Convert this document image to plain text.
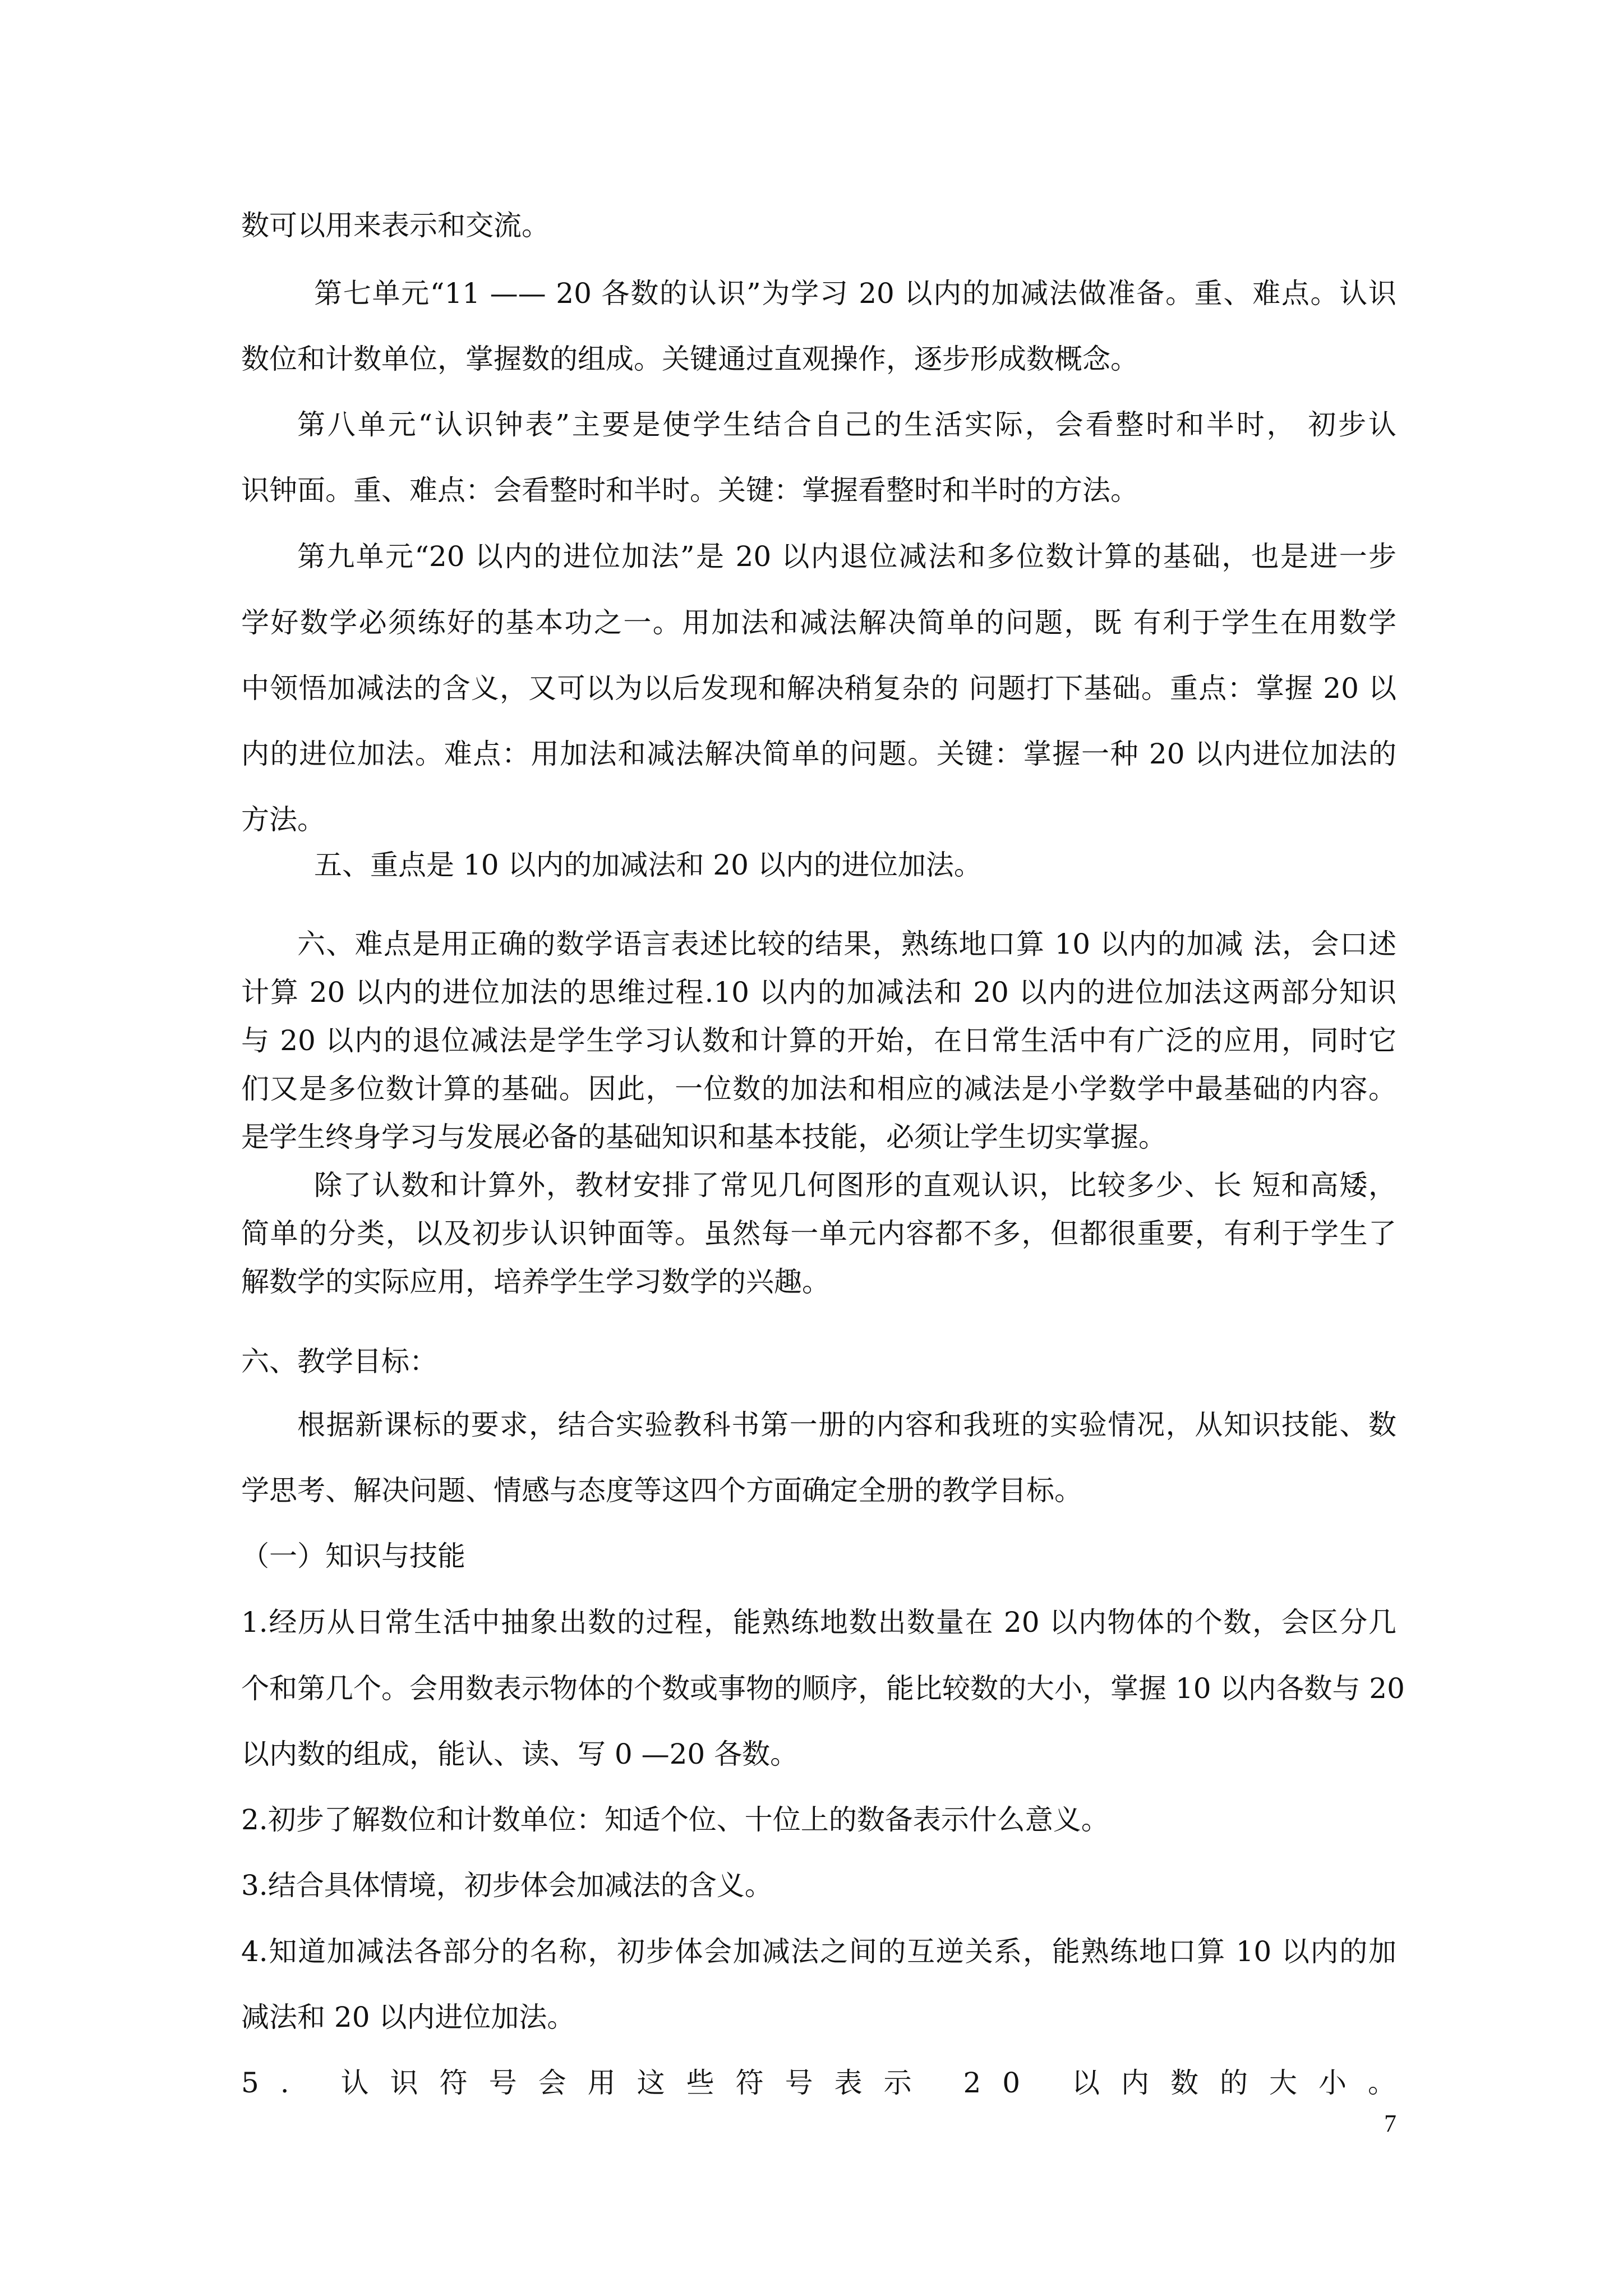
数可以用来表示和交流。

第七单元“11 —— 20 各数的认识”为学习 20 以内的加减法做准备。重、难点。认识

数位和计数单位，掌握数的组成。关键通过直观操作，逐步形成数概念。

第八单元“认识钟表”主要是使学生结合自己的生活实际，会看整时和半时， 初步认

识钟面。重、难点：会看整时和半时。关键：掌握看整时和半时的方法。

第九单元“20 以内的进位加法”是 20 以内退位减法和多位数计算的基础，也是进一步

学好数学必须练好的基本功之一。用加法和减法解决简单的问题，既 有利于学生在用数学

中领悟加减法的含义，又可以为以后发现和解决稍复杂的 问题打下基础。重点：掌握 20 以

内的进位加法。难点：用加法和减法解决简单的问题。关键：掌握一种 20 以内进位加法的

方法。

五、重点是 10 以内的加减法和 20 以内的进位加法。

六、难点是用正确的数学语言表述比较的结果，熟练地口算 10 以内的加减 法，会口述

计算 20 以内的进位加法的思维过程.10 以内的加减法和 20 以内的进位加法这两部分知识

与 20 以内的退位减法是学生学习认数和计算的开始，在日常生活中有广泛的应用，同时它

们又是多位数计算的基础。因此，一位数的加法和相应的减法是小学数学中最基础的内容。

是学生终身学习与发展必备的基础知识和基本技能，必须让学生切实掌握。

除了认数和计算外，教材安排了常见几何图形的直观认识，比较多少、长 短和高矮，

简单的分类，以及初步认识钟面等。虽然每一单元内容都不多，但都很重要，有利于学生了

解数学的实际应用，培养学生学习数学的兴趣。

六、教学目标：

根据新课标的要求，结合实验教科书第一册的内容和我班的实验情况，从知识技能、数

学思考、解决问题、情感与态度等这四个方面确定全册的教学目标。

（一）知识与技能

1.经历从日常生活中抽象出数的过程，能熟练地数出数量在 20 以内物体的个数，会区分几

个和第几个。会用数表示物体的个数或事物的顺序，能比较数的大小，掌握 10 以内各数与 20

以内数的组成，能认、读、写 0 —20 各数。

2.初步了解数位和计数单位：知适个位、十位上的数备表示什么意义。

3.结合具体情境，初步体会加减法的含义。

4.知道加减法各部分的名称，初步体会加减法之间的互逆关系，能熟练地口算 10 以内的加

减法和 20 以内进位加法。

5. 认识符号会用这些符号表示 20 以内数的大小。

7
